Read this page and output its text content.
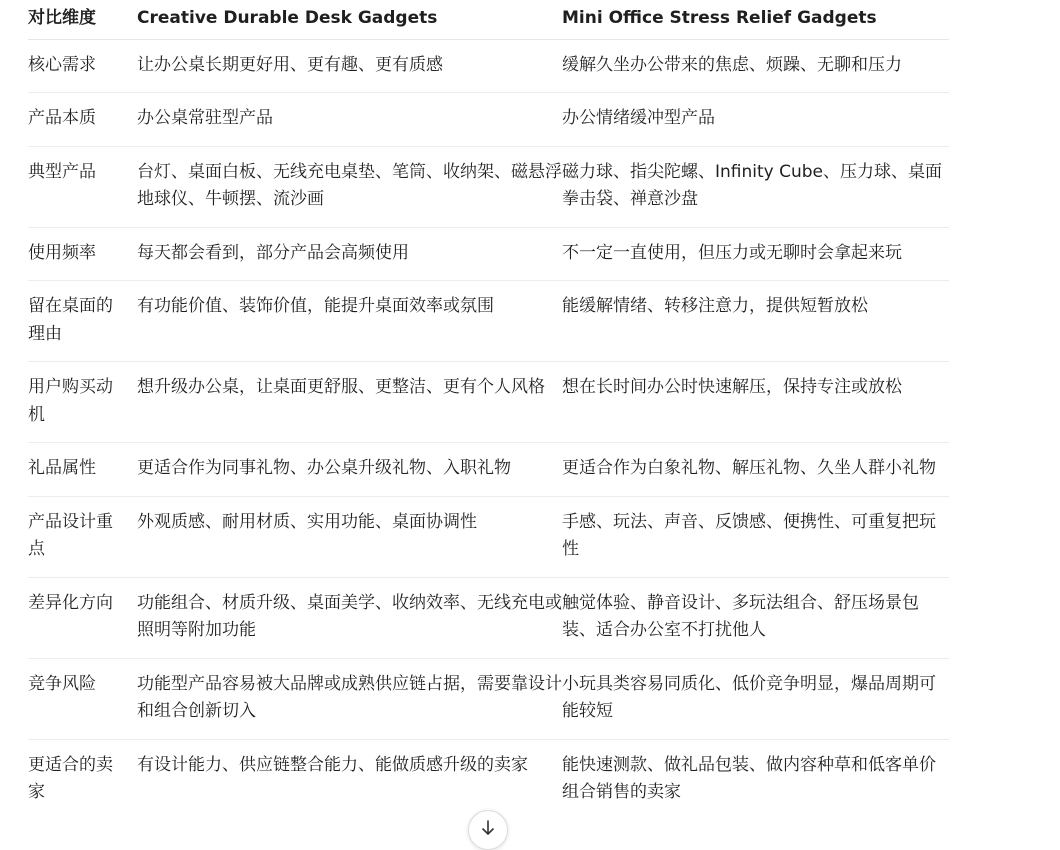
对比维度	Creative Durable Desk Gadgets	Mini Office Stress Relief Gadgets
核心需求	让办公桌长期更好用、更有趣、更有质感	缓解久坐办公带来的焦虑、烦躁、无聊和压力
产品本质	办公桌常驻型产品	办公情绪缓冲型产品
典型产品	台灯、桌面白板、无线充电桌垫、笔筒、收纳架、磁悬浮地球仪、牛顿摆、流沙画	磁力球、指尖陀螺、Infinity Cube、压力球、桌面拳击袋、禅意沙盘
使用频率	每天都会看到，部分产品会高频使用	不一定一直使用，但压力或无聊时会拿起来玩
留在桌面的理由	有功能价值、装饰价值，能提升桌面效率或氛围	能缓解情绪、转移注意力，提供短暂放松
用户购买动机	想升级办公桌，让桌面更舒服、更整洁、更有个人风格	想在长时间办公时快速解压，保持专注或放松
礼品属性	更适合作为同事礼物、办公桌升级礼物、入职礼物	更适合作为白象礼物、解压礼物、久坐人群小礼物
产品设计重点	外观质感、耐用材质、实用功能、桌面协调性	手感、玩法、声音、反馈感、便携性、可重复把玩性
差异化方向	功能组合、材质升级、桌面美学、收纳效率、无线充电或照明等附加功能	触觉体验、静音设计、多玩法组合、舒压场景包装、适合办公室不打扰他人
竞争风险	功能型产品容易被大品牌或成熟供应链占据，需要靠设计和组合创新切入	小玩具类容易同质化、低价竞争明显，爆品周期可能较短
更适合的卖家	有设计能力、供应链整合能力、能做质感升级的卖家	能快速测款、做礼品包装、做内容种草和低客单价组合销售的卖家
